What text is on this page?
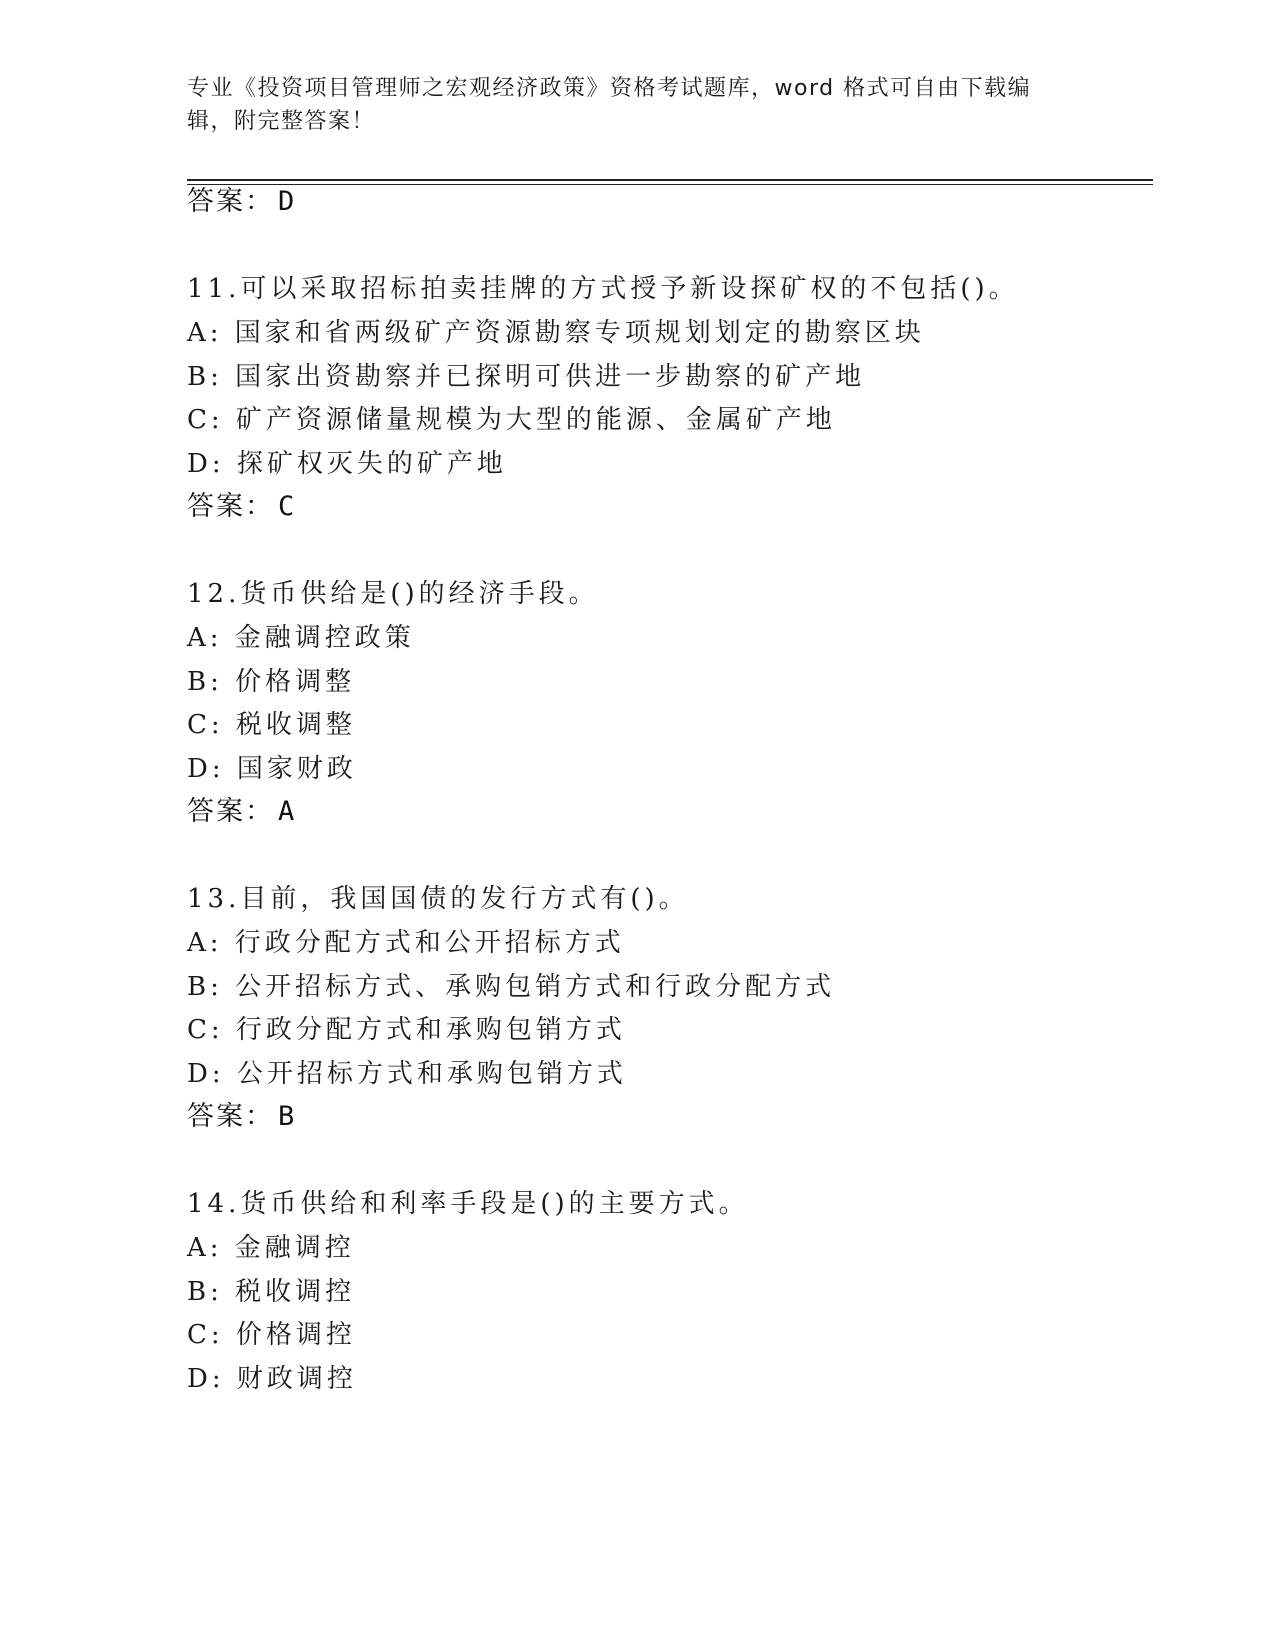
专业《投资项目管理师之宏观经济政策》资格考试题库，word 格式可自由下载编
辑，附完整答案！
答案： D
11.可以采取招标拍卖挂牌的方式授予新设探矿权的不包括()。
A: 国家和省两级矿产资源勘察专项规划划定的勘察区块
B: 国家出资勘察并已探明可供进一步勘察的矿产地
C: 矿产资源储量规模为大型的能源、金属矿产地
D: 探矿权灭失的矿产地
答案： C
12.货币供给是()的经济手段。
A: 金融调控政策
B: 价格调整
C: 税收调整
D: 国家财政
答案： A
13.目前，我国国债的发行方式有()。
A: 行政分配方式和公开招标方式
B: 公开招标方式、承购包销方式和行政分配方式
C: 行政分配方式和承购包销方式
D: 公开招标方式和承购包销方式
答案： B
14.货币供给和利率手段是()的主要方式。
A: 金融调控
B: 税收调控
C: 价格调控
D: 财政调控
